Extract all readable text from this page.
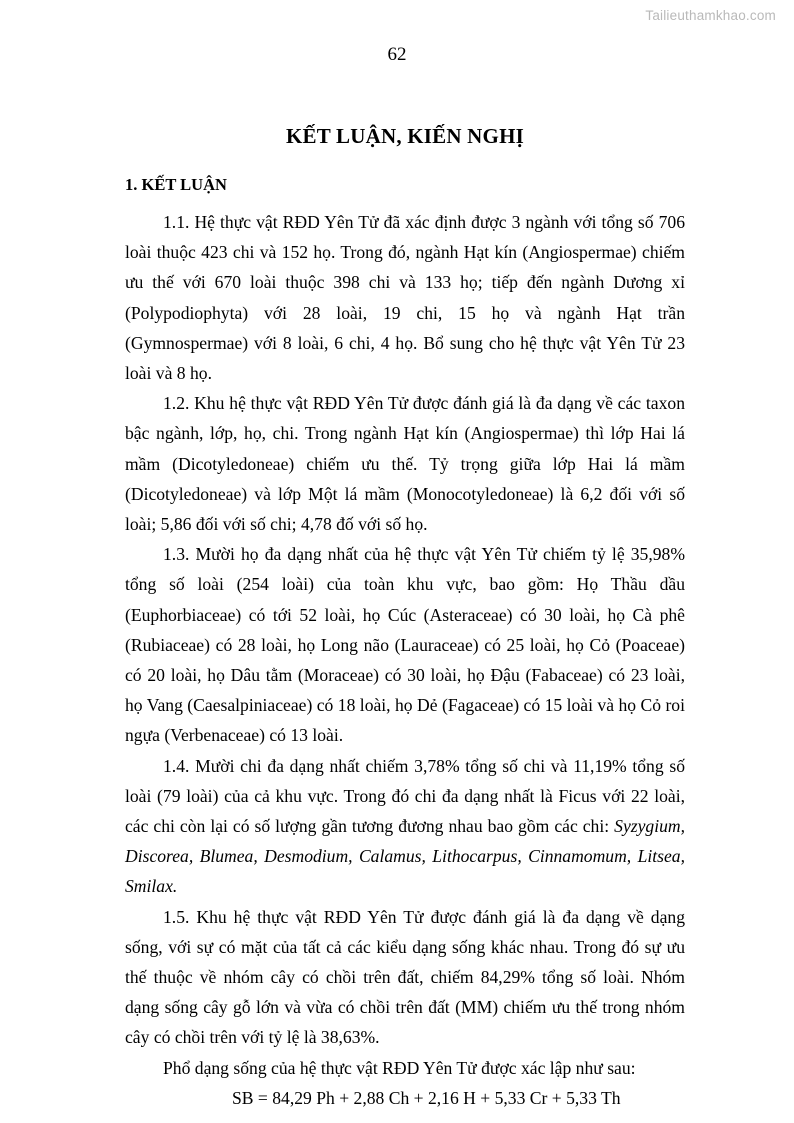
Tailieuthamkhao.com
62
KẾT LUẬN, KIẾN NGHỊ
1. KẾT LUẬN

1.1. Hệ thực vật RĐD Yên Tử đã xác định được 3 ngành với tổng số 706 loài thuộc 423 chi và 152 họ. Trong đó, ngành Hạt kín (Angiospermae) chiếm ưu thế với 670 loài thuộc 398 chi và 133 họ; tiếp đến ngành Dương xỉ (Polypodiophyta) với 28 loài, 19 chi, 15 họ và ngành Hạt trần (Gymnospermae) với 8 loài, 6 chi, 4 họ. Bổ sung cho hệ thực vật Yên Tử 23 loài và 8 họ.

1.2. Khu hệ thực vật RĐD Yên Tử được đánh giá là đa dạng về các taxon bậc ngành, lớp, họ, chi. Trong ngành Hạt kín (Angiospermae) thì lớp Hai lá mầm (Dicotyledoneae) chiếm ưu thế. Tỷ trọng giữa lớp Hai lá mầm (Dicotyledoneae) và lớp Một lá mầm (Monocotyledoneae) là 6,2 đối với số loài; 5,86 đối với số chi; 4,78 đố với số họ.

1.3. Mười họ đa dạng nhất của hệ thực vật Yên Tử chiếm tỷ lệ 35,98% tổng số loài (254 loài) của toàn khu vực, bao gồm: Họ Thầu dầu (Euphorbiaceae) có tới 52 loài, họ Cúc (Asteraceae) có 30 loài, họ Cà phê (Rubiaceae) có 28 loài, họ Long não (Lauraceae) có 25 loài, họ Cỏ (Poaceae) có 20 loài, họ Dâu tằm (Moraceae) có 30 loài, họ Đậu (Fabaceae) có 23 loài, họ Vang (Caesalpiniaceae) có 18 loài, họ Dẻ (Fagaceae) có 15 loài và họ Cỏ roi ngựa (Verbenaceae) có 13 loài.

1.4. Mười chi đa dạng nhất chiếm 3,78% tổng số chi và 11,19% tổng số loài (79 loài) của cả khu vực. Trong đó chi đa dạng nhất là Ficus với 22 loài, các chi còn lại có số lượng gần tương đương nhau bao gồm các chi: Syzygium, Discorea, Blumea, Desmodium, Calamus, Lithocarpus, Cinnamomum, Litsea, Smilax.

1.5. Khu hệ thực vật RĐD Yên Tử được đánh giá là đa dạng về dạng sống, với sự có mặt của tất cả các kiểu dạng sống khác nhau. Trong đó sự ưu thế thuộc về nhóm cây có chồi trên đất, chiếm 84,29% tổng số loài. Nhóm dạng sống cây gỗ lớn và vừa có chồi trên đất (MM) chiếm ưu thế trong nhóm cây có chồi trên với tỷ lệ là 38,63%.

Phổ dạng sống của hệ thực vật RĐD Yên Tử được xác lập như sau:

SB = 84,29 Ph + 2,88 Ch + 2,16 H + 5,33 Cr + 5,33 Th
